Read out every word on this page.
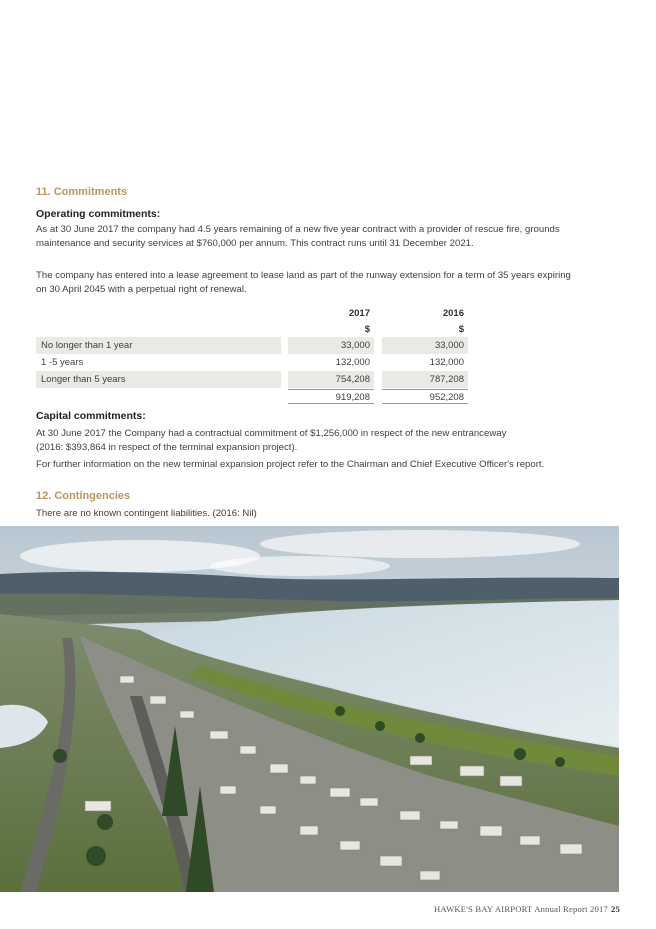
11. Commitments
Operating commitments:
As at 30 June 2017 the company had 4.5 years remaining of a new five year contract with a provider of rescue fire, grounds maintenance and security services at $760,000 per annum. This contract runs until 31 December 2021.
The company has entered into a lease agreement to lease land as part of the runway extension for a term of 35 years expiring on 30 April 2045 with a perpetual right of renewal.
2017	2016
$	$
No longer than 1 year	33,000	33,000
1 -5 years	132,000	132,000
Longer than 5 years	754,208	787,208
919,208	952,208
Capital commitments:
At 30 June 2017 the Company had a contractual commitment of $1,256,000 in respect of the new entranceway
(2016: $393,864 in respect of the terminal expansion project).
For further information on the new terminal expansion project refer to the Chairman and Chief Executive Officer's report.
12. Contingencies
There are no known contingent liabilities. (2016: Nil)
HAWKE'S BAY AIRPORT Annual Report 2017 25
